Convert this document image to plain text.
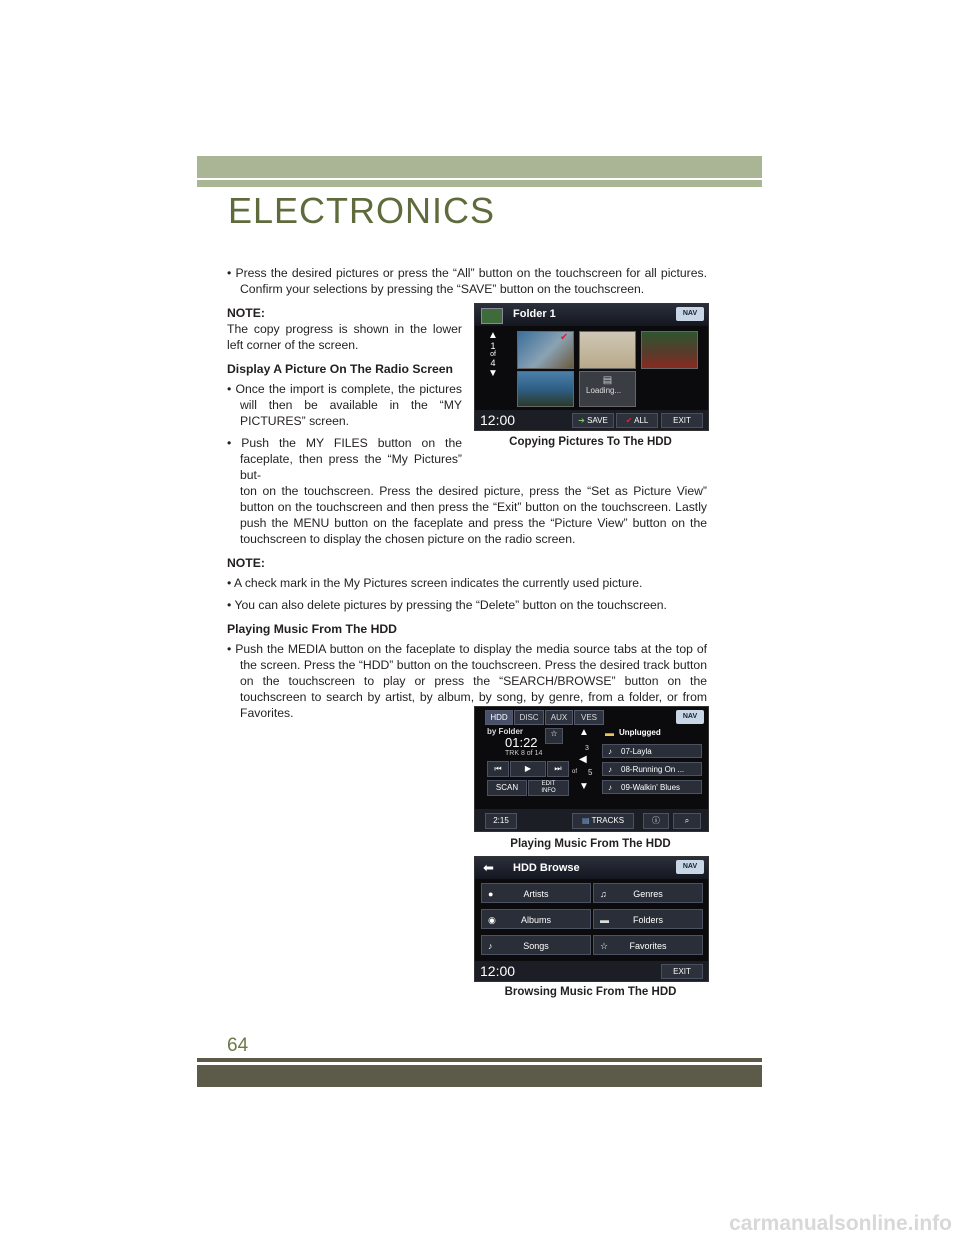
ELECTRONICS

• Press the desired pictures or press the “All” button on the touchscreen for all pictures. Confirm your selections by pressing the “SAVE” button on the touchscreen.

NOTE:

The copy progress is shown in the lower left corner of the screen.

Display A Picture On The Radio Screen

• Once the import is complete, the pictures will then be available in the “MY PICTURES” screen.

• Push the MY FILES button on the faceplate, then press the “My Pictures” but-

ton on the touchscreen. Press the desired picture, press the “Set as Picture View” button on the touchscreen and then press the “Exit” button on the touchscreen. Lastly push the MENU button on the faceplate and press the “Picture View” button on the touchscreen to display the chosen picture on the radio screen.

NOTE:

• A check mark in the My Pictures screen indicates the currently used picture.

• You can also delete pictures by pressing the “Delete” button on the touchscreen.

Playing Music From The HDD

• Push the MEDIA button on the faceplate to display the media source tabs at the top of the screen. Press the “HDD” button on the touchscreen. Press the desired track button on the touchscreen to play or press the “SEARCH/BROWSE” button on the touchscreen to search by artist, by album, by song, by genre, from a folder, or from Favorites.

Folder 1	NAV
▲
1
of
4
▼
✔
▤
Loading...
12:00	➔ SAVE	✔ ALL	EXIT
Copying Pictures To The HDD
HDD	DISC	AUX	VES	NAV
by Folder	☆
01:22
TRK 8 of 14
⏮	▶	⏭
SCAN	EDIT
INFO
▲
3
◀
of 5
▼
▬ Unplugged
♪ 07-Layla
♪ 08-Running On ...
♪ 09-Walkin' Blues
2:15	▤ TRACKS	ⓘ	⌕
Playing Music From The HDD
⬅ HDD Browse	NAV
●	Artists	♫	Genres
◉	Albums	▬	Folders
♪	Songs	☆ Favorites
12:00	EXIT
Browsing Music From The HDD
64
carmanualsonline.info
